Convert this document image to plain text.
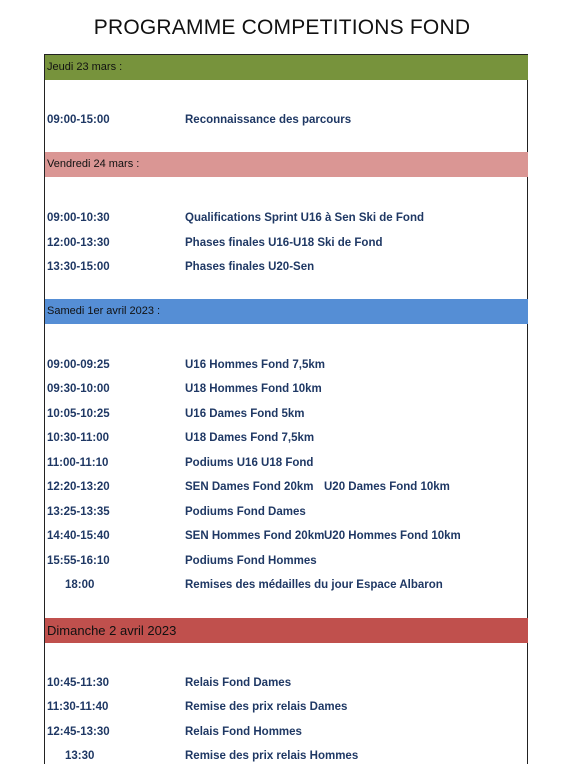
PROGRAMME COMPETITIONS FOND
Jeudi 23 mars :
09:00-15:00	Reconnaissance des parcours
Vendredi 24 mars :
09:00-10:30	Qualifications Sprint U16 à Sen Ski de Fond
12:00-13:30	Phases finales U16-U18 Ski de Fond
13:30-15:00	Phases finales U20-Sen
Samedi 1er avril 2023 :
09:00-09:25	U16 Hommes Fond 7,5km
09:30-10:00	U18 Hommes Fond 10km
10:05-10:25	U16 Dames Fond 5km
10:30-11:00	U18 Dames Fond 7,5km
11:00-11:10	Podiums U16 U18 Fond
12:20-13:20	SEN Dames Fond 20km U20 Dames Fond 10km
13:25-13:35	Podiums Fond Dames
14:40-15:40	SEN Hommes Fond 20km U20 Hommes Fond 10km
15:55-16:10	Podiums Fond Hommes
18:00	Remises des médailles du jour Espace Albaron
Dimanche 2 avril 2023
10:45-11:30	Relais Fond Dames
11:30-11:40	Remise des prix relais Dames
12:45-13:30	Relais Fond Hommes
13:30	Remise des prix relais Hommes
